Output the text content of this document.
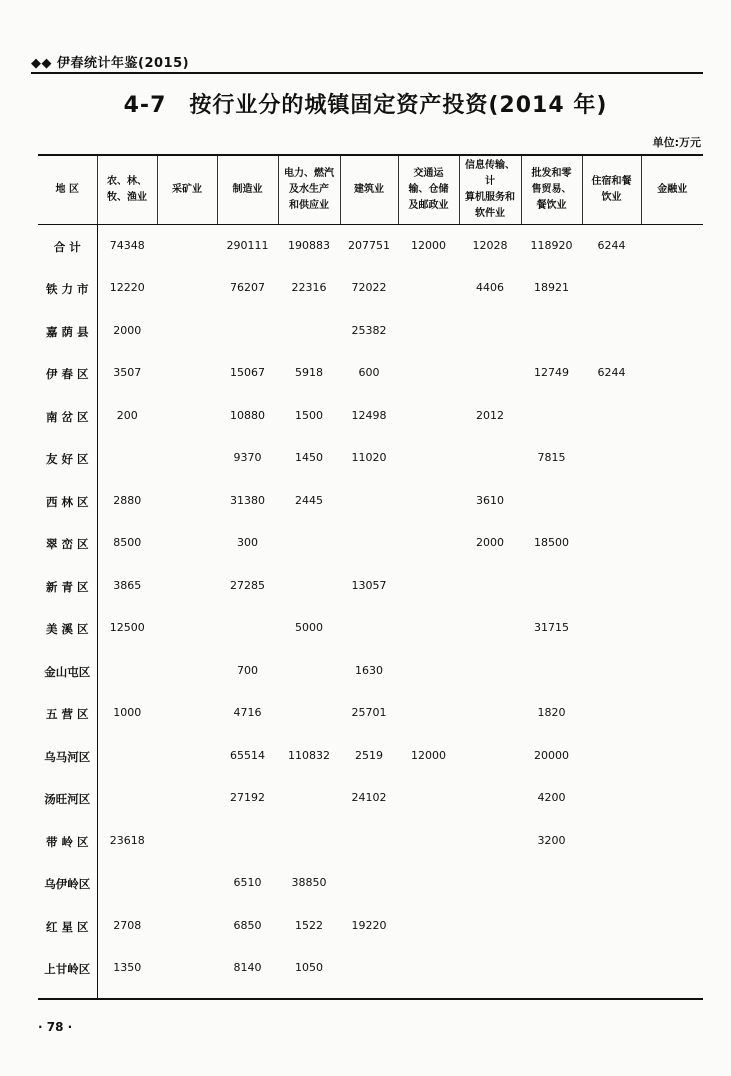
◆◆ 伊春统计年鉴(2015)
4-7　按行业分的城镇固定资产投资(2014 年)
单位:万元
地 区	农、林、
牧、渔业	采矿业	制造业	电力、燃汽
及水生产
和供应业	建筑业	交通运
输、仓储
及邮政业	信息传输、计
算机服务和
软件业	批发和零
售贸易、
餐饮业	住宿和餐
饮业	金融业

合 计	74348		290111	190883	207751	12000	12028	118920	6244	
铁 力 市	12220		76207	22316	72022		4406	18921		
嘉 荫 县	2000				25382					
伊 春 区	3507		15067	5918	600			12749	6244	
南 岔 区	200		10880	1500	12498		2012			
友 好 区			9370	1450	11020			7815		
西 林 区	2880		31380	2445			3610			
翠 峦 区	8500		300				2000	18500		
新 青 区	3865		27285		13057					
美 溪 区	12500			5000				31715		
金山屯区			700		1630					
五 营 区	1000		4716		25701			1820		
乌马河区			65514	110832	2519	12000		20000		
汤旺河区			27192		24102			4200		
带 岭 区	23618							3200		
乌伊岭区			6510	38850						
红 星 区	2708		6850	1522	19220					
上甘岭区	1350		8140	1050						
· 78 ·
